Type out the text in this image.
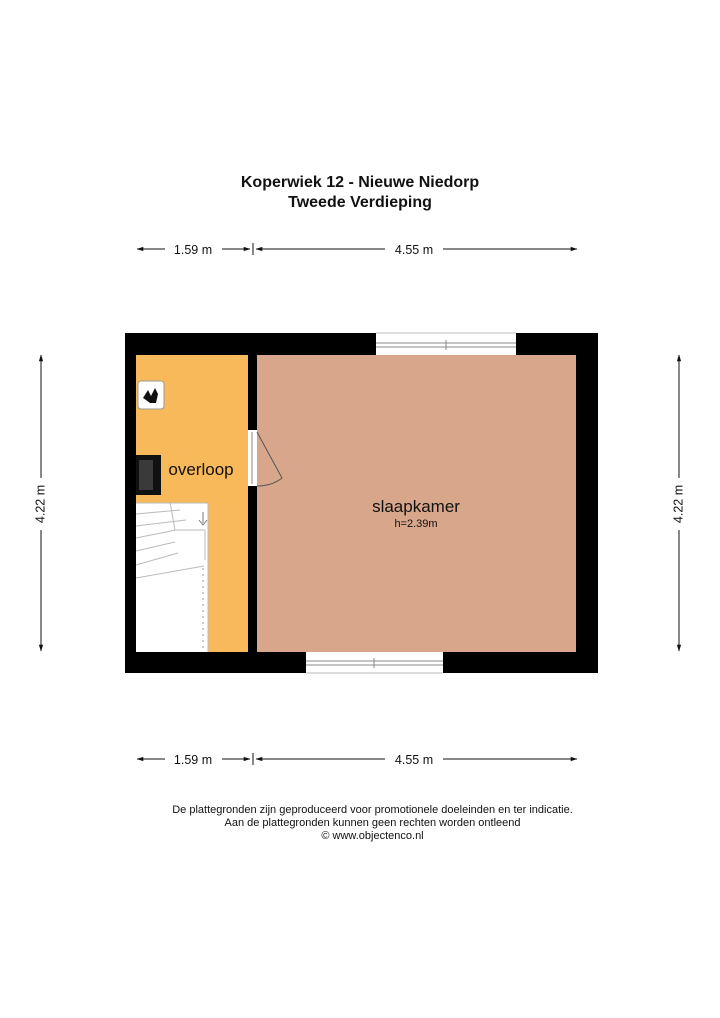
Koperwiek 12 - Nieuwe Niedorp
Tweede Verdieping
1.59 m	4.55 m
1.59 m	4.55 m
4.22 m	4.22 m
overloop
slaapkamer
h=2.39m
De plattegronden zijn geproduceerd voor promotionele doeleinden en ter indicatie.
Aan de plattegronden kunnen geen rechten worden ontleend
© www.objectenco.nl
